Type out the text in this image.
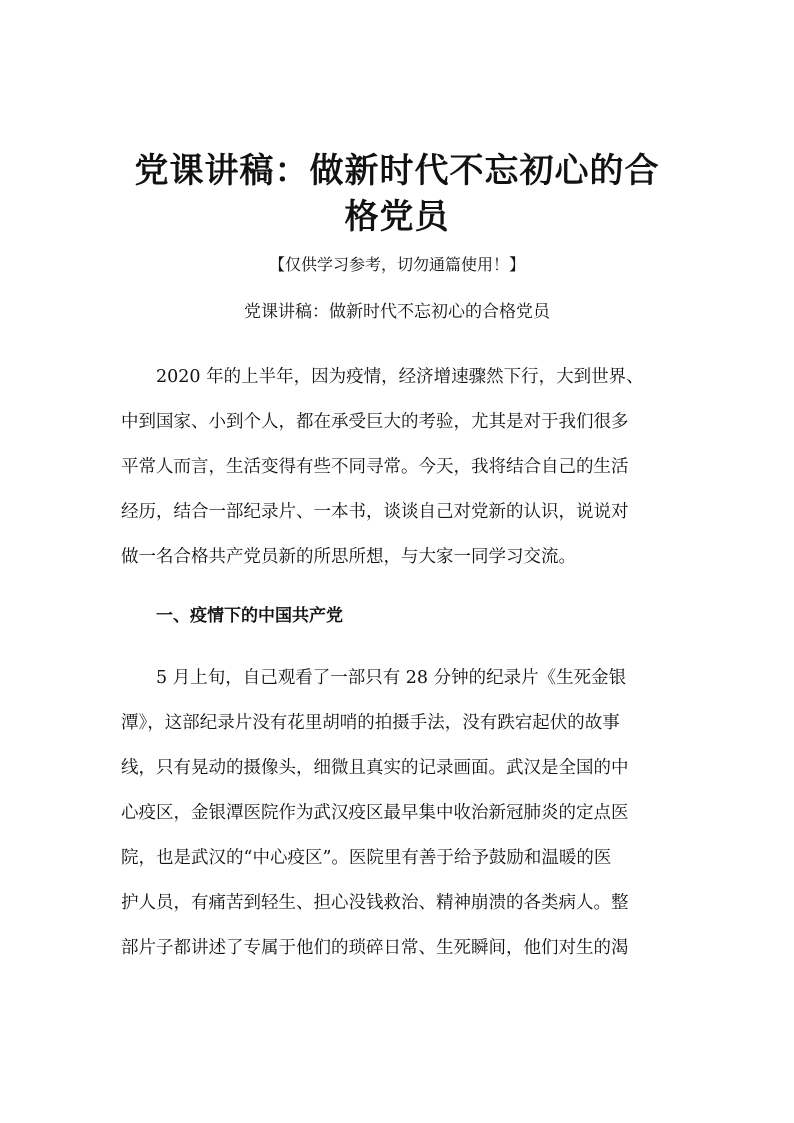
党课讲稿：做新时代不忘初心的合
格党员

【仅供学习参考，切勿通篇使用！】

党课讲稿：做新时代不忘初心的合格党员

2020 年的上半年，因为疫情，经济增速骤然下行，大到世界、

中到国家、小到个人，都在承受巨大的考验，尤其是对于我们很多

平常人而言，生活变得有些不同寻常。今天，我将结合自己的生活

经历，结合一部纪录片、一本书，谈谈自己对党新的认识，说说对

做一名合格共产党员新的所思所想，与大家一同学习交流。

一、疫情下的中国共产党

5 月上旬，自己观看了一部只有 28 分钟的纪录片《生死金银

潭》，这部纪录片没有花里胡哨的拍摄手法，没有跌宕起伏的故事

线，只有晃动的摄像头，细微且真实的记录画面。武汉是全国的中

心疫区，金银潭医院作为武汉疫区最早集中收治新冠肺炎的定点医

院，也是武汉的“中心疫区”。医院里有善于给予鼓励和温暖的医

护人员，有痛苦到轻生、担心没钱救治、精神崩溃的各类病人。整

部片子都讲述了专属于他们的琐碎日常、生死瞬间，他们对生的渴
